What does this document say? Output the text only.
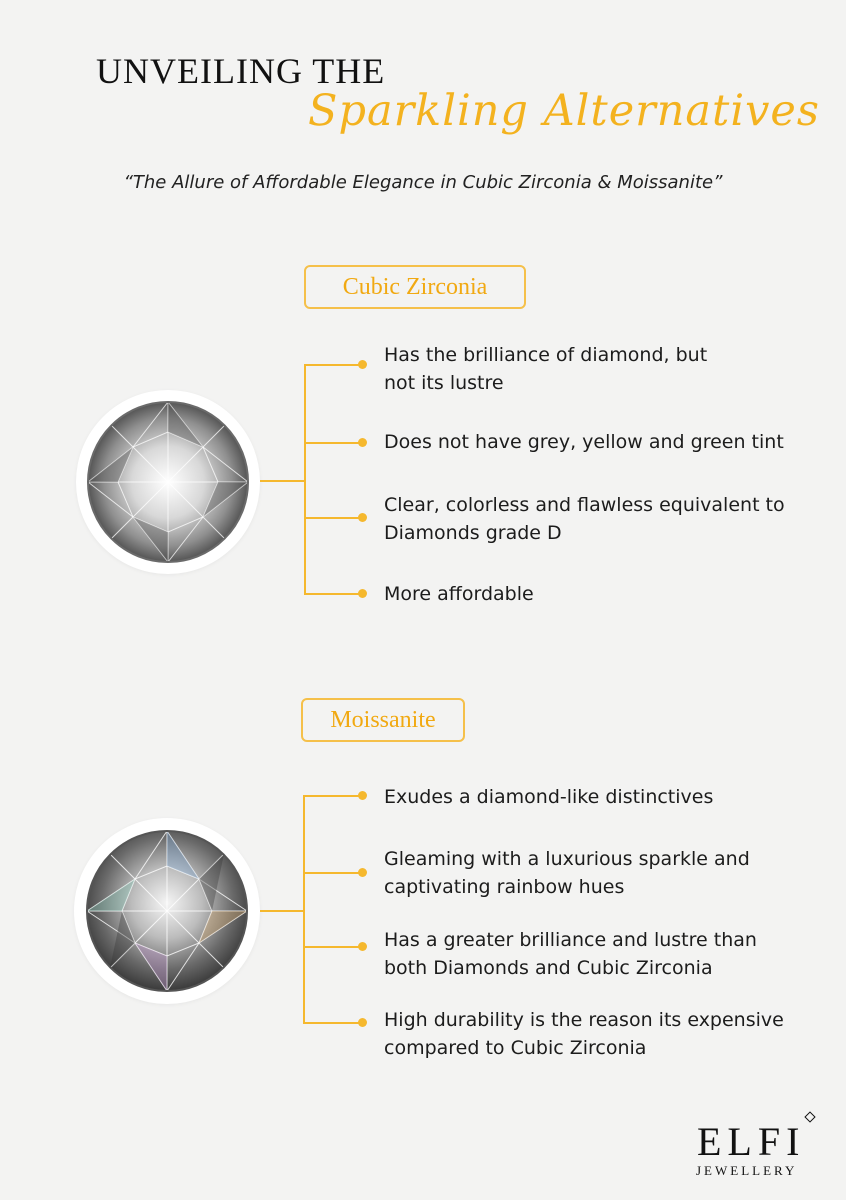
UNVEILING THE
Sparkling Alternatives
“The Allure of Affordable Elegance in Cubic Zirconia & Moissanite”
Cubic Zirconia
Has the brilliance of diamond, but not its lustre
Does not have grey, yellow and green tint
Clear, colorless and flawless equivalent to Diamonds grade D
More affordable
Moissanite
Exudes a diamond-like distinctives
Gleaming with a luxurious sparkle and captivating rainbow hues
Has a greater brilliance and lustre than both Diamonds and Cubic Zirconia
High durability is the reason its expensive compared to Cubic Zirconia
ELFI
JEWELLERY
